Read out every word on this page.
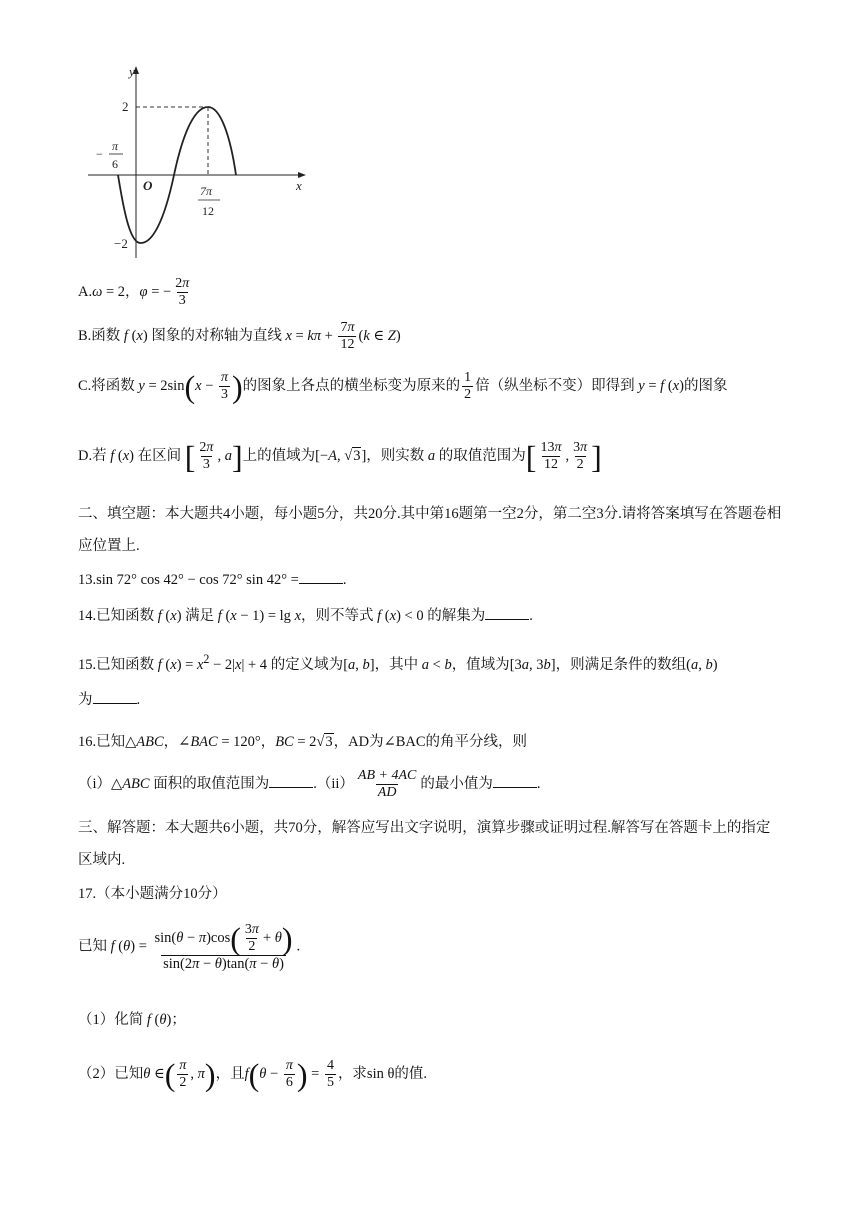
y
x
O
2
−2
−
π
6
7π
12
A.ω = 2，φ = − $\frac{2\pi}{3}$
B.函数 f (x) 图象的对称轴为直线 $x = k\pi + \frac{7\pi}{12} (k$ ∈ Z)
C.将函数 $y = 2\sin(x - \frac{\pi}{3}$ )的图象上各点的横坐标变为原来的 $\frac{1}{2}$ 倍（纵坐标不变）即得到 y = f (x)的图象
D.若 f (x) 在区间 [ $\frac{2\pi}{3}$ , a]上的值域为[−A, √3]，则实数 a 的取值范围为[ $\frac{13\pi}{12}$ , $\frac{3\pi}{2}$ ]
二、填空题：本大题共4小题，每小题5分，共20分.其中第16题第一空2分，第二空3分.请将答案填写在答题卷相应位置上.
13.sin 72° cos 42° − cos 72° sin 42° =	.
14.已知函数 f (x) 满足 f (x − 1) = lg x，则不等式 f (x) < 0 的解集为	.
15.已知函数 f $(x) = x^2 - 2|x| + 4$ 的定义域为[a, b]，其中 a < b，值域为[3a, 3b]，则满足条件的数组(a, b)
为	.
16.已知△ABC，∠BAC = 120°，BC = 2√3，AD为∠BAC的角平分线，则
（i）△ABC 面积的取值范围为	$.(ii) \frac{AB + 4AC}{AD}$ 的最小值为	.
三、解答题：本大题共6小题，共70分，解答应写出文字说明，演算步骤或证明过程.解答写在答题卡上的指定区域内.
17.（本小题满分10分）
已知 f $(\theta) = \frac{\sin(\theta - \pi)\cos( \frac{3\pi}{2} + \theta)}{\sin(2\pi - \theta)\tan(\pi - \theta)}$ .
（1）化简 f (θ)；
（2）已知θ ∈( $\frac{\pi}{2}$ , π)，且$f(\theta - \frac{\pi}{6}$ ) = $\frac{4}{5}$ ，求sin θ的值.
